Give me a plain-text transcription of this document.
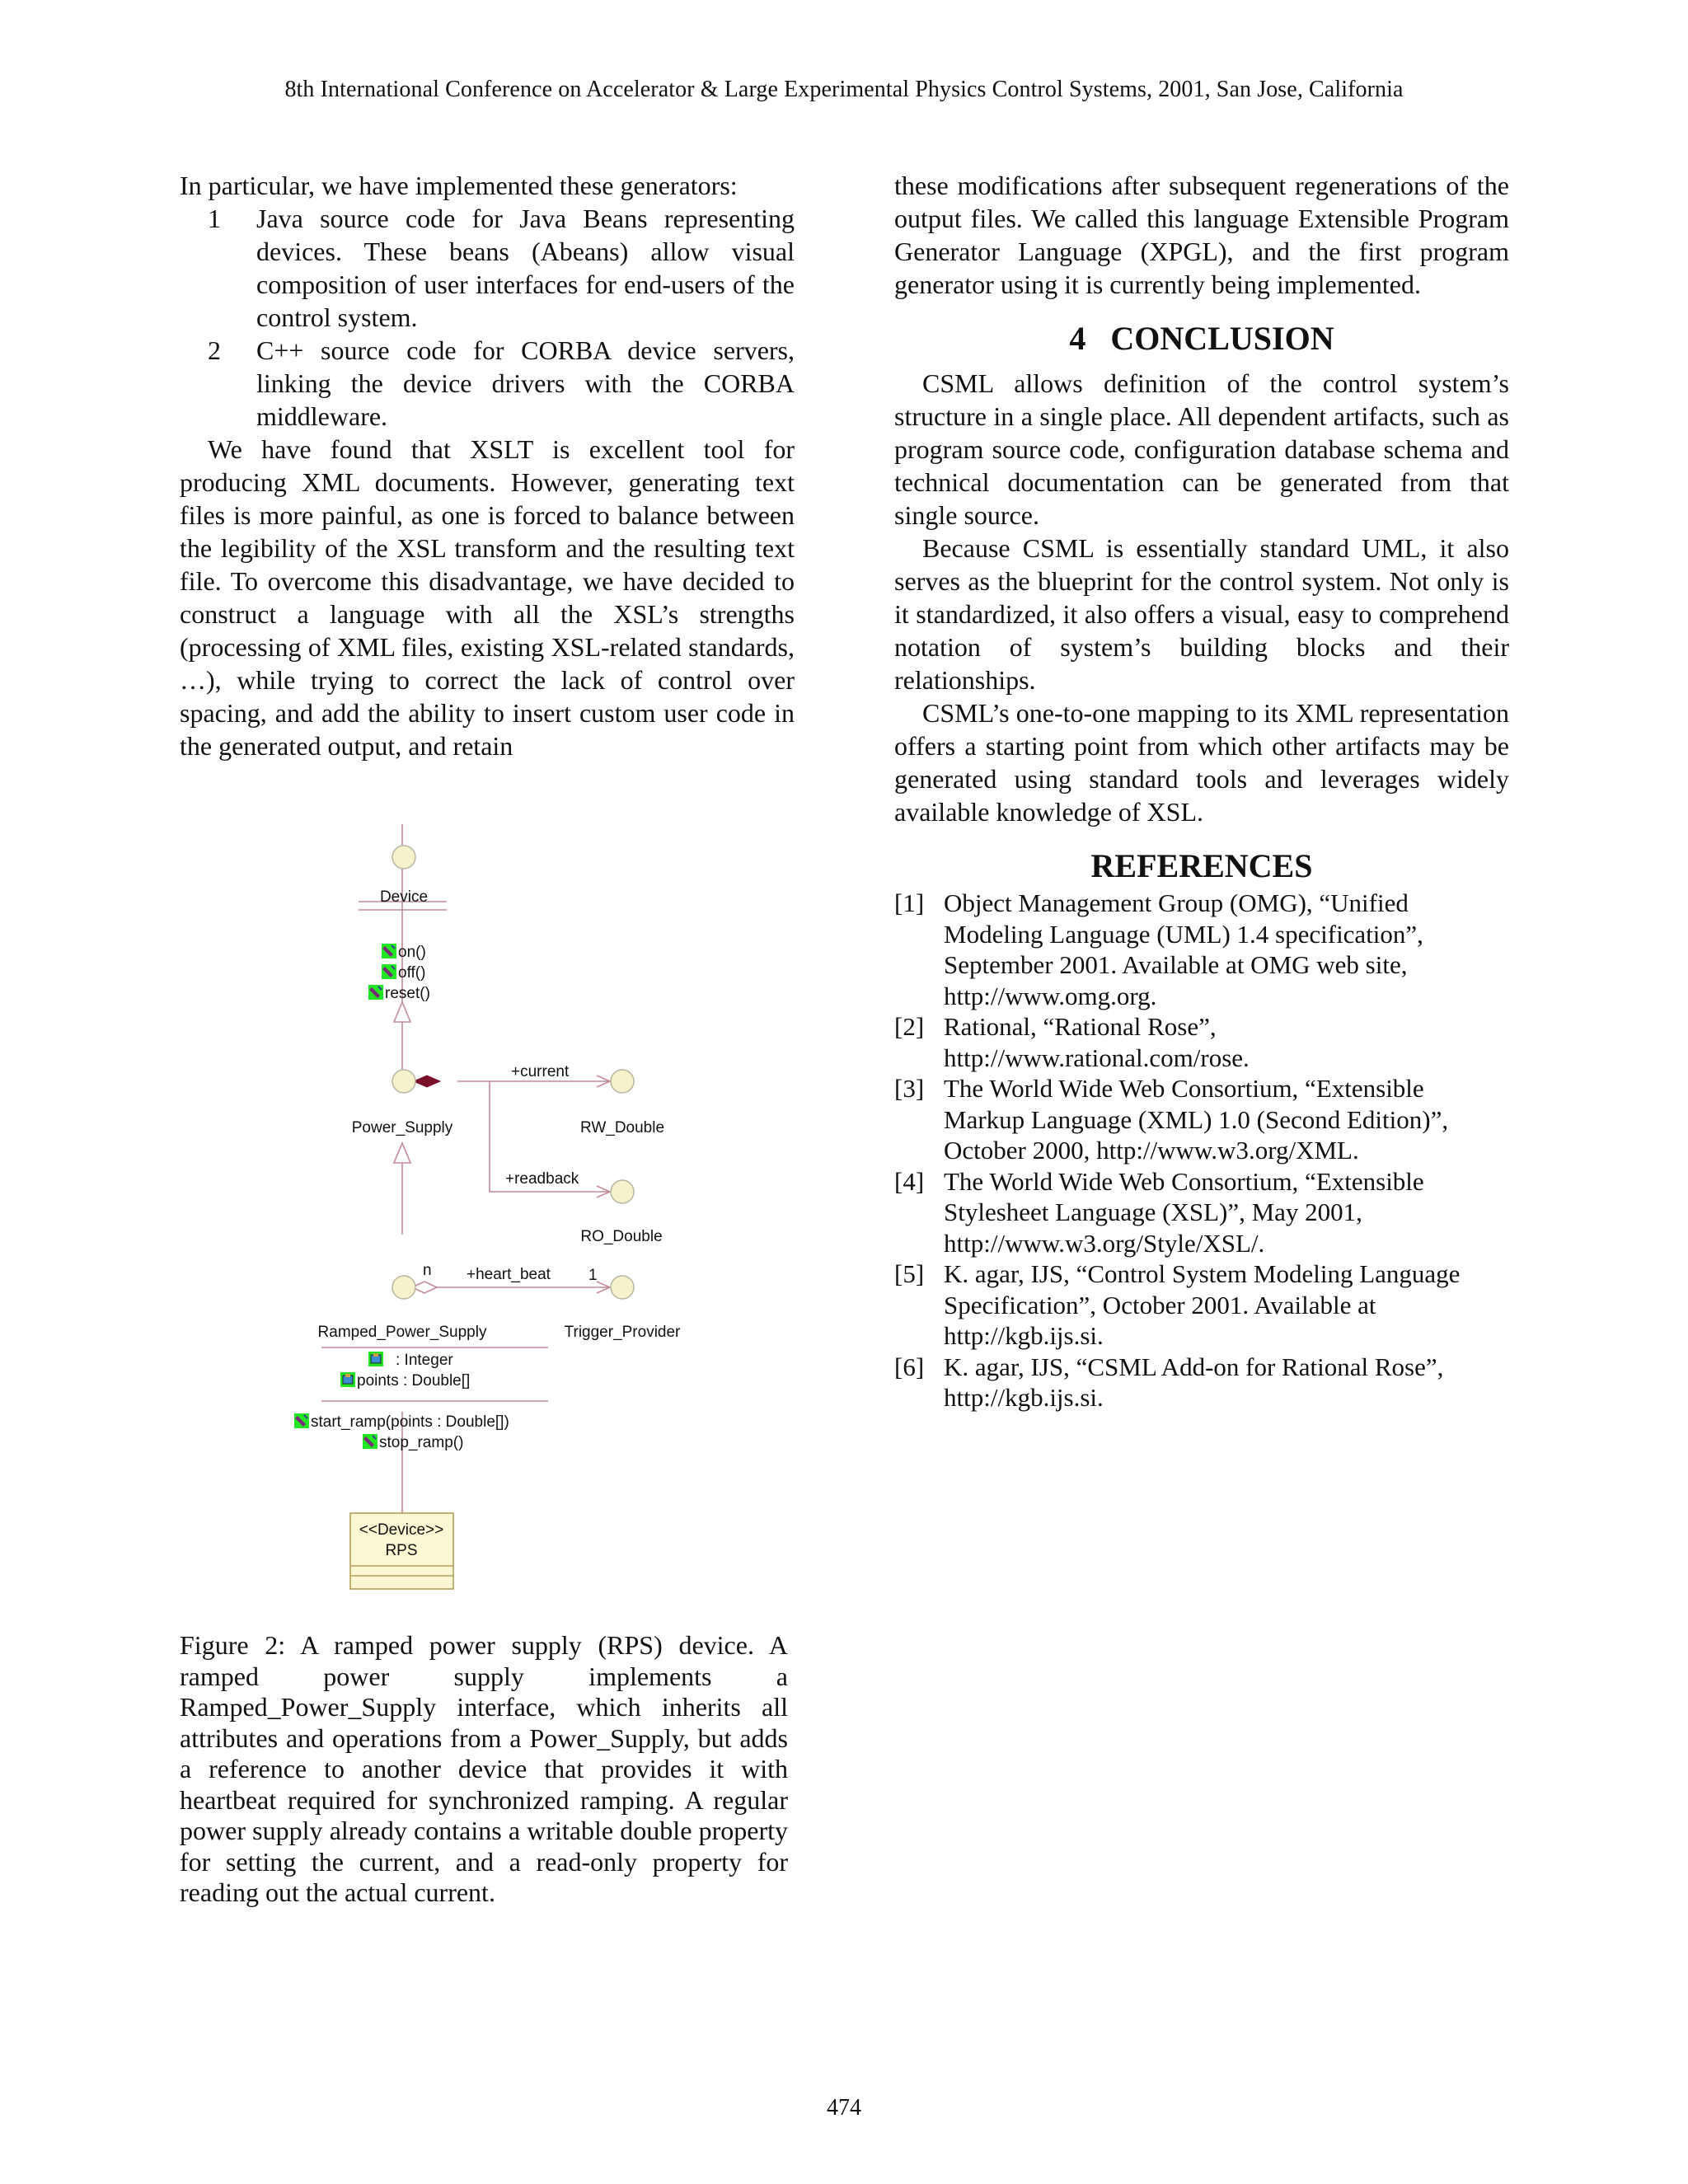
8th International Conference on Accelerator & Large Experimental Physics Control Systems, 2001, San Jose, California

In particular, we have implemented these generators:

1 Java source code for Java Beans representing devices. These beans (Abeans) allow visual composition of user interfaces for end-users of the control system.
2 C++ source code for CORBA device servers, linking the device drivers with the CORBA middleware.

We have found that XSLT is excellent tool for producing XML documents. However, generating text files is more painful, as one is forced to balance between the legibility of the XSL transform and the resulting text file. To overcome this disadvantage, we have decided to construct a language with all the XSL’s strengths (processing of XML files, existing XSL-related standards, …), while trying to correct the lack of control over spacing, and add the ability to insert custom user code in the generated output, and retain

Device
on()
off()
reset()
Power_Supply
+current
RW_Double
+readback
RO_Double
n +heart_beat 1
Ramped_Power_Supply	Trigger_Provider
: Integer
points : Double[]
start_ramp(points : Double[])
stop_ramp()
<<Device>>
RPS

Figure 2: A ramped power supply (RPS) device. A ramped power supply implements a Ramped_Power_Supply interface, which inherits all attributes and operations from a Power_Supply, but adds a reference to another device that provides it with heartbeat required for synchronized ramping. A regular power supply already contains a writable double property for setting the current, and a read-only property for reading out the actual current.

these modifications after subsequent regenerations of the output files. We called this language Extensible Program Generator Language (XPGL), and the first program generator using it is currently being implemented.

4 CONCLUSION

CSML allows definition of the control system’s structure in a single place. All dependent artifacts, such as program source code, configuration database schema and technical documentation can be generated from that single source.

Because CSML is essentially standard UML, it also serves as the blueprint for the control system. Not only is it standardized, it also offers a visual, easy to comprehend notation of system’s building blocks and their relationships.

CSML’s one-to-one mapping to its XML representation offers a starting point from which other artifacts may be generated using standard tools and leverages widely available knowledge of XSL.

REFERENCES
[1] Object Management Group (OMG), “Unified Modeling Language (UML) 1.4 specification”, September 2001. Available at OMG web site, http://www.omg.org.
[2] Rational, “Rational Rose”, http://www.rational.com/rose.
[3] The World Wide Web Consortium, “Extensible Markup Language (XML) 1.0 (Second Edition)”, October 2000, http://www.w3.org/XML.
[4] The World Wide Web Consortium, “Extensible Stylesheet Language (XSL)”, May 2001, http://www.w3.org/Style/XSL/.
[5] K. agar, IJS, “Control System Modeling Language Specification”, October 2001. Available at http://kgb.ijs.si.
[6] K. agar, IJS, “CSML Add-on for Rational Rose”, http://kgb.ijs.si.
474
